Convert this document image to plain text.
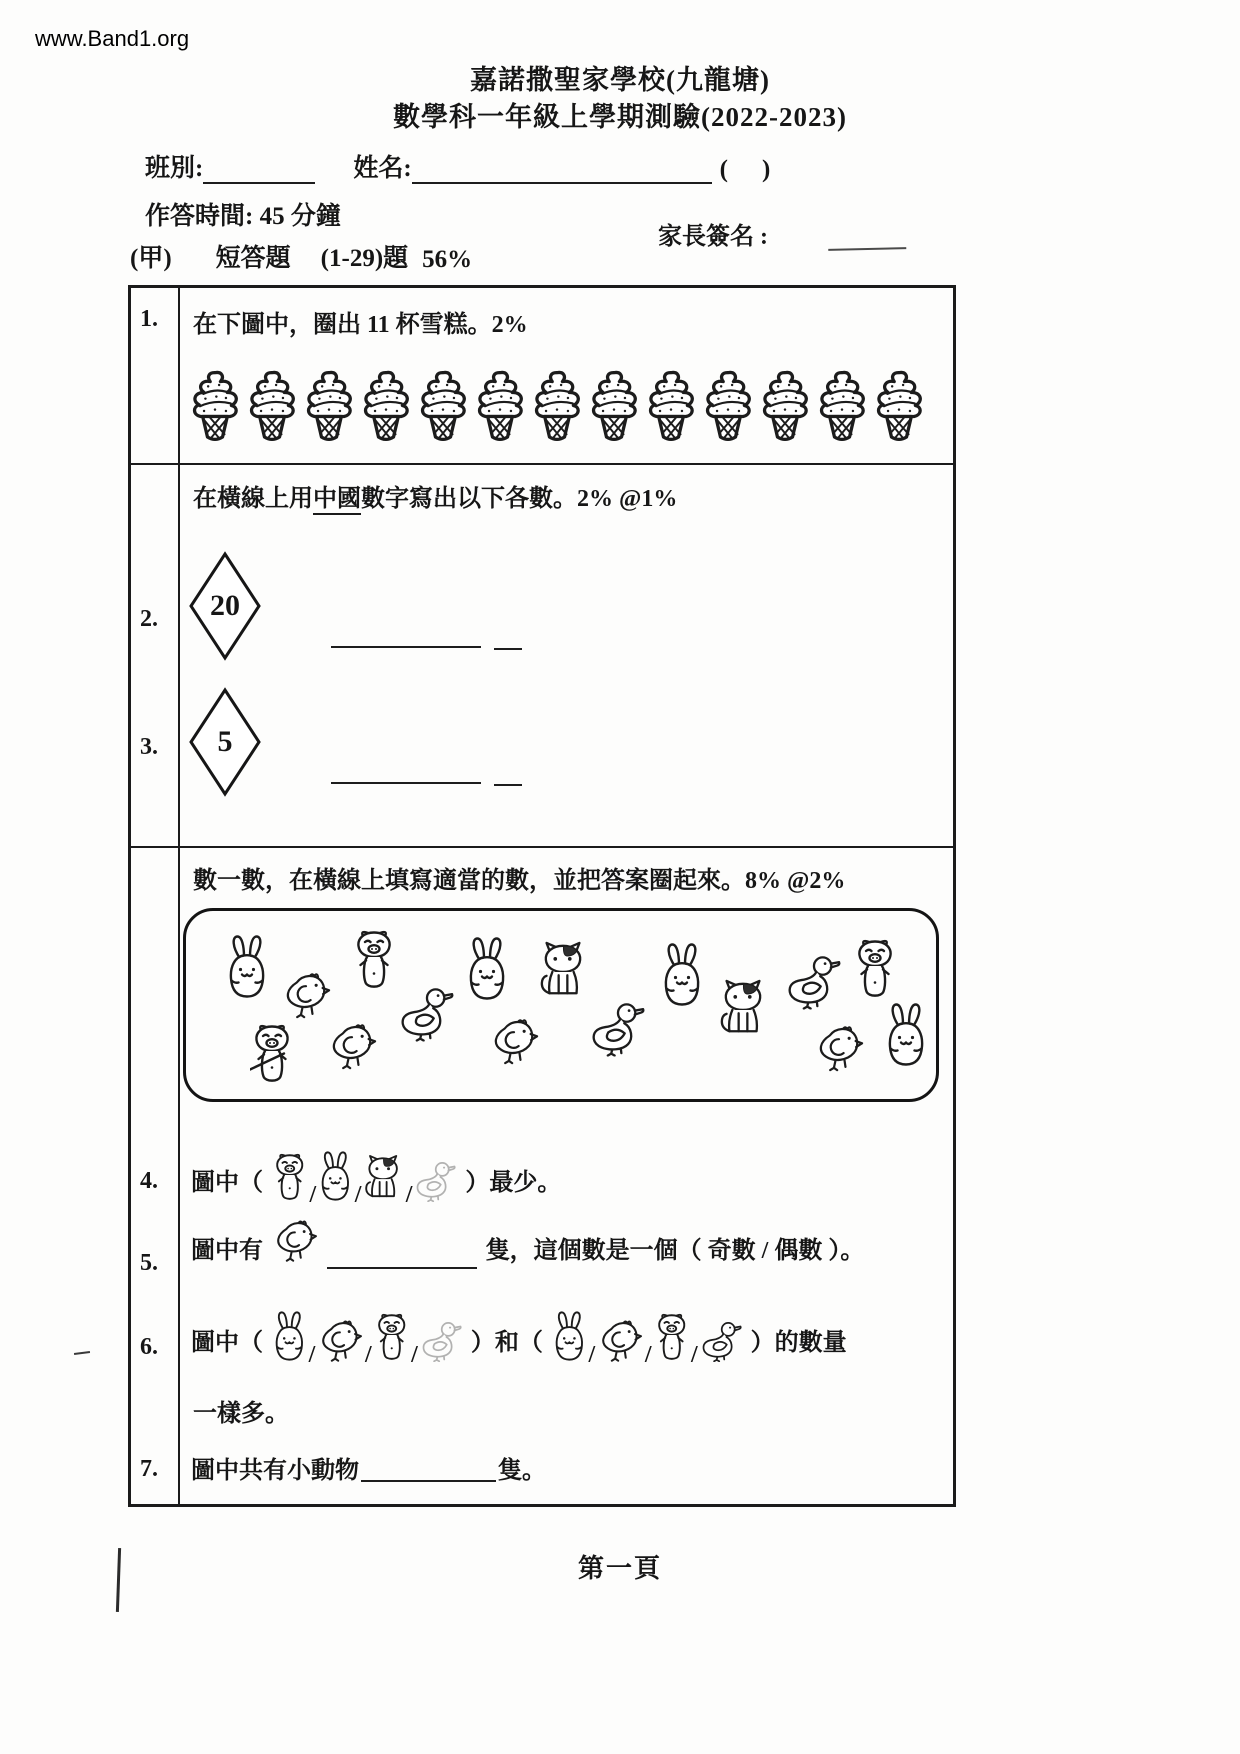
www.Band1.org
嘉諾撒聖家學校(九龍塘)
數學科一年級上學期測驗(2022-2023)
班別:	姓名:	()
作答時間: 45 分鐘
家長簽名 :
(甲) 短答題 (1-29)題 56%
1.	在下圖中，圈出 11 杯雪糕。2%
在橫線上用中國數字寫出以下各數。2% @1%
2.	20
3.	5
數一數，在橫線上填寫適當的數，並把答案圈起來。8% @2%
4.	圖中（	/ / /	）最少。
5.	圖中有	隻，這個數是一個（ 奇數 / 偶數 ）。
6.	圖中（	/ / /	）和（	/ / /	）的數量
一樣多。
7.	圖中共有小動物	隻。
第一頁
